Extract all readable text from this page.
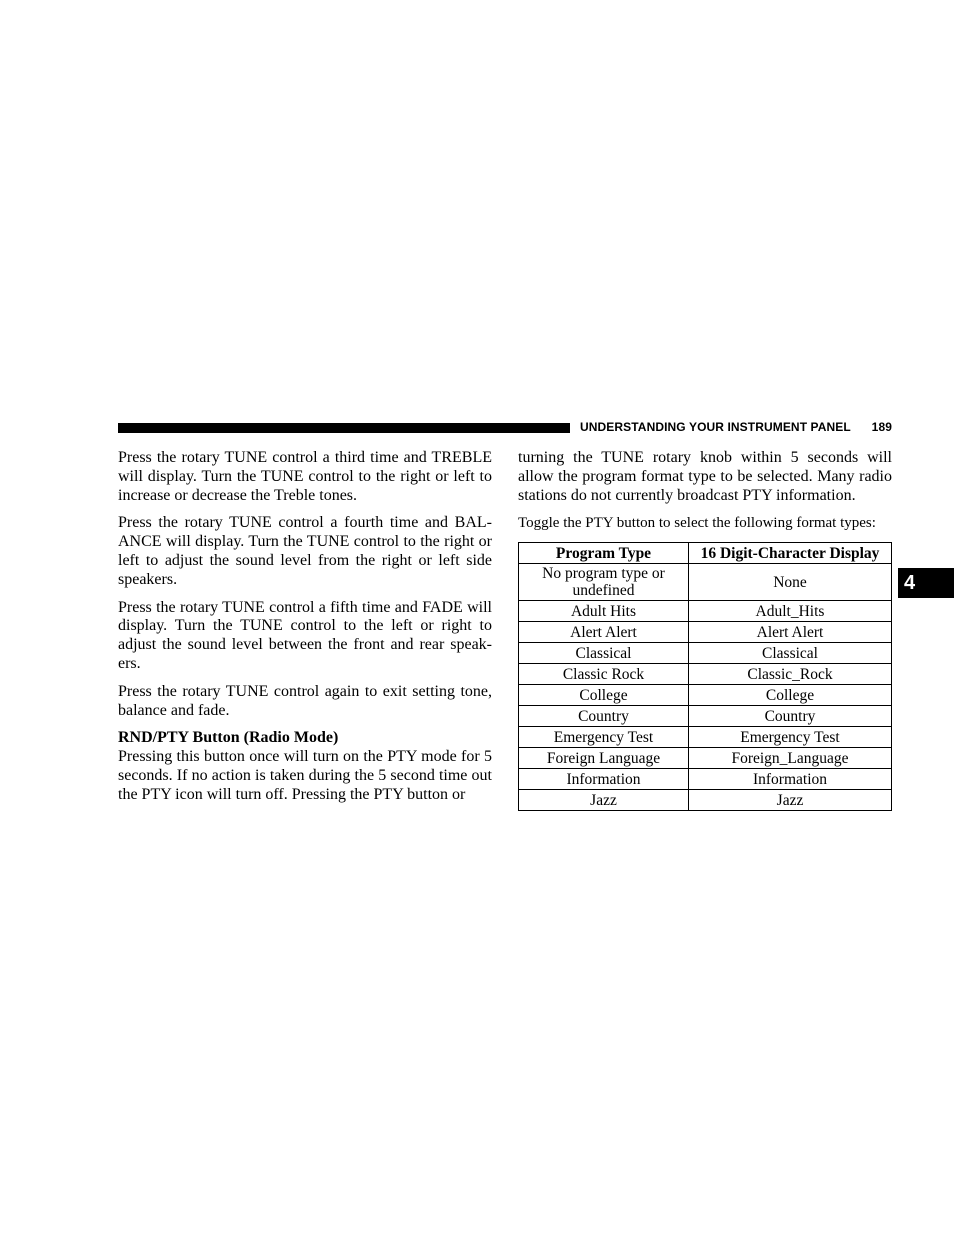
UNDERSTANDING YOUR INSTRUMENT PANEL 189
4

Press the rotary TUNE control a third time and TREBLE will display. Turn the TUNE control to the right or left to increase or decrease the Treble tones.

Press the rotary TUNE control a fourth time and BAL-ANCE will display. Turn the TUNE control to the right or left to adjust the sound level from the right or left side speakers.

Press the rotary TUNE control a fifth time and FADE will display. Turn the TUNE control to the left or right to adjust the sound level between the front and rear speak-ers.

Press the rotary TUNE control again to exit setting tone, balance and fade.

RND/PTY Button (Radio Mode)

Pressing this button once will turn on the PTY mode for 5 seconds. If no action is taken during the 5 second time out the PTY icon will turn off. Pressing the PTY button or

turning the TUNE rotary knob within 5 seconds will allow the program format type to be selected. Many radio stations do not currently broadcast PTY information.

Toggle the PTY button to select the following format types:

Program Type	16 Digit-Character Display
No program type or undefined	None
Adult Hits	Adult_Hits
Alert Alert	Alert Alert
Classical	Classical
Classic Rock	Classic_Rock
College	College
Country	Country
Emergency Test	Emergency Test
Foreign Language	Foreign_Language
Information	Information
Jazz	Jazz
